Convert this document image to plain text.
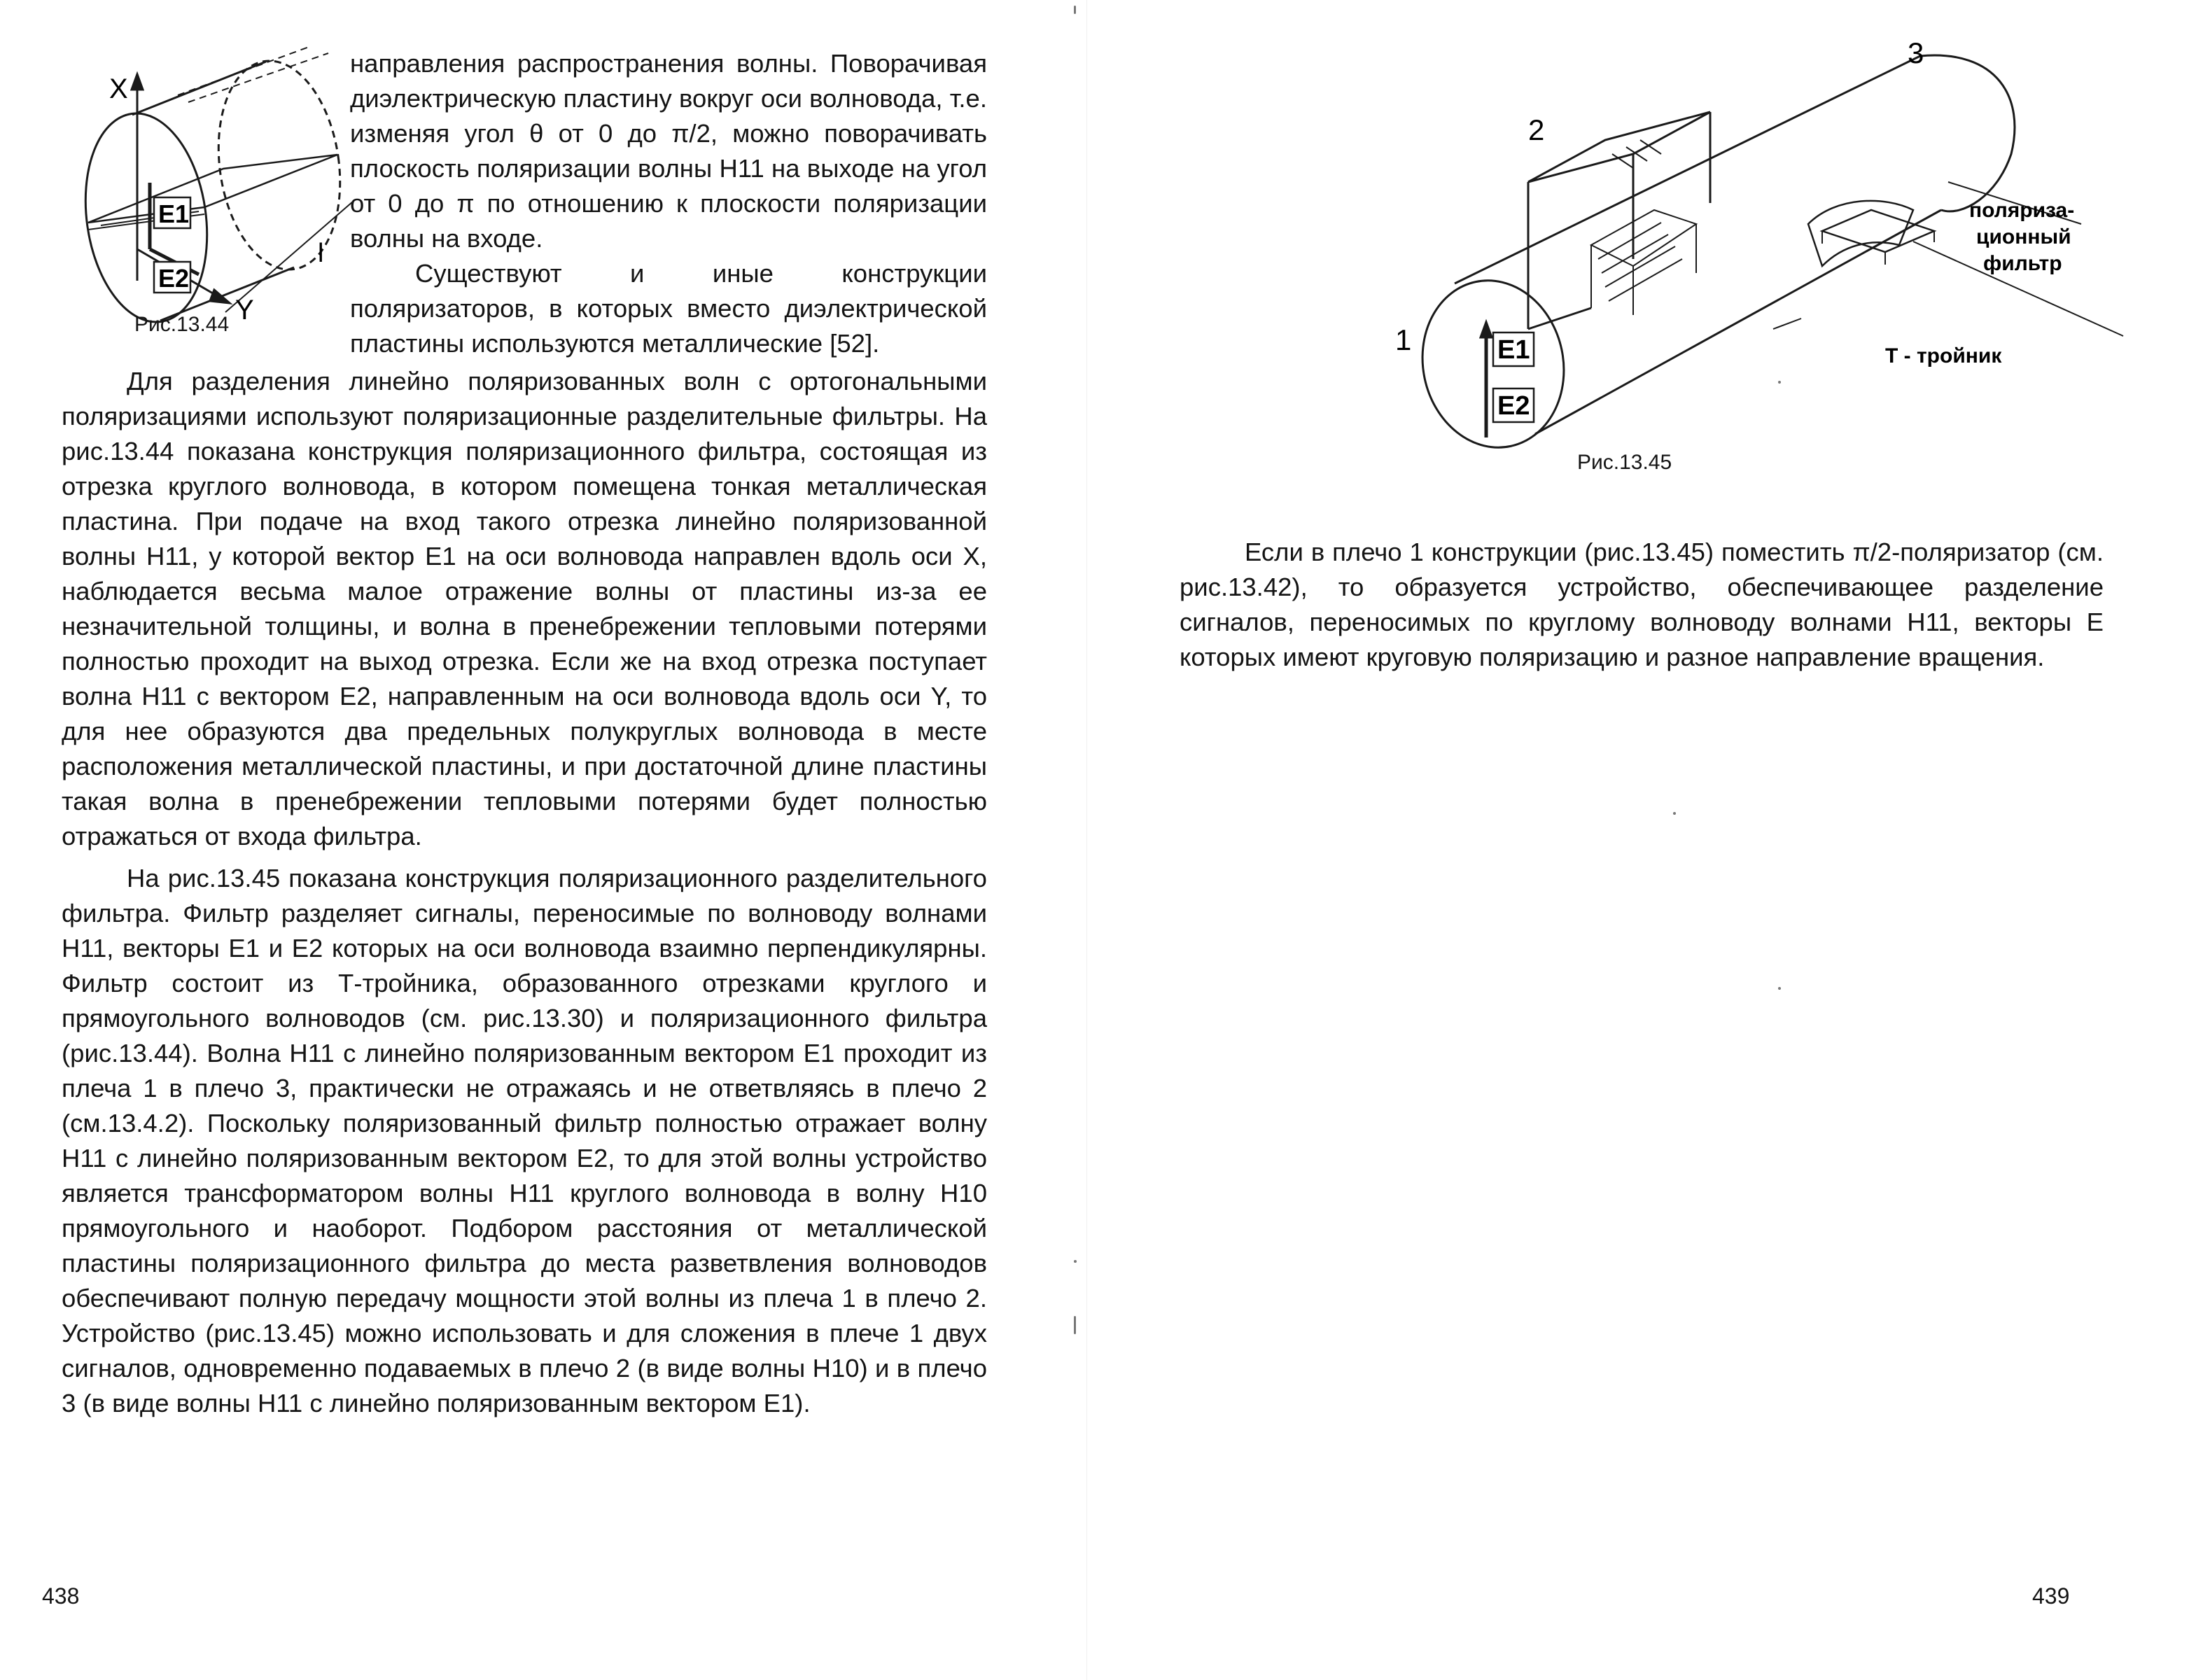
X
Y
E1
E2
l
Рис.13.44

направления распространения волны. Поворачивая диэлектрическую пластину вокруг оси волновода, т.е. изменяя угол θ от 0 до π/2, можно поворачивать плоскость поляризации волны H11 на выходе на угол от 0 до π по отношению к плоскости поляризации волны на входе.

Существуют и иные конструкции поляризаторов, в которых вместо диэлектрической пластины используются металлические [52].

Для разделения линейно поляризованных волн с ортогональными поляризациями используют поляризационные разделительные фильтры. На рис.13.44 показана конструкция поляризационного фильтра, состоящая из отрезка круглого волновода, в котором помещена тонкая металлическая пластина. При подаче на вход такого отрезка линейно поляризованной волны H11, у которой вектор E1 на оси волновода направлен вдоль оси X, наблюдается весьма малое отражение волны от пластины из-за ее незначительной толщины, и волна в пренебрежении тепловыми потерями полностью проходит на выход отрезка. Если же на вход отрезка поступает волна H11 с вектором E2, направленным на оси волновода вдоль оси Y, то для нее образуются два предельных полукруглых волновода в месте расположения металлической пластины, и при достаточной длине пластины такая волна в пренебрежении тепловыми потерями будет полностью отражаться от входа фильтра.

На рис.13.45 показана конструкция поляризационного разделительного фильтра. Фильтр разделяет сигналы, переносимые по волноводу волнами H11, векторы E1 и E2 которых на оси волновода взаимно перпендикулярны. Фильтр состоит из Т-тройника, образованного отрезками круглого и прямоугольного волноводов (см. рис.13.30) и поляризационного фильтра (рис.13.44). Волна H11 с линейно поляризованным вектором E1 проходит из плеча 1 в плечо 3, практически не отражаясь и не ответвляясь в плечо 2 (см.13.4.2). Поскольку поляризованный фильтр полностью отражает волну H11 с линейно поляризованным вектором E2, то для этой волны устройство является трансформатором волны H11 круглого волновода в волну H10 прямоугольного и наоборот. Подбором расстояния от металлической пластины поляризационного фильтра до места разветвления волноводов обеспечивают полную передачу мощности этой волны из плеча 1 в плечо 2. Устройство (рис.13.45) можно использовать и для сложения в плече 1 двух сигналов, одновременно подаваемых в плечо 2 (в виде волны H10) и в плечо 3 (в виде волны H11 с линейно поляризованным вектором E1).

438
3
2
1	E1
E2
поляриза-
ционный
фильтр
Т - тройник
Рис.13.45

Если в плечо 1 конструкции (рис.13.45) поместить π/2-поляризатор (см. рис.13.42), то образуется устройство, обеспечивающее разделение сигналов, переносимых по круглому волноводу волнами H11, векторы E которых имеют круговую поляризацию и разное направление вращения.

439
